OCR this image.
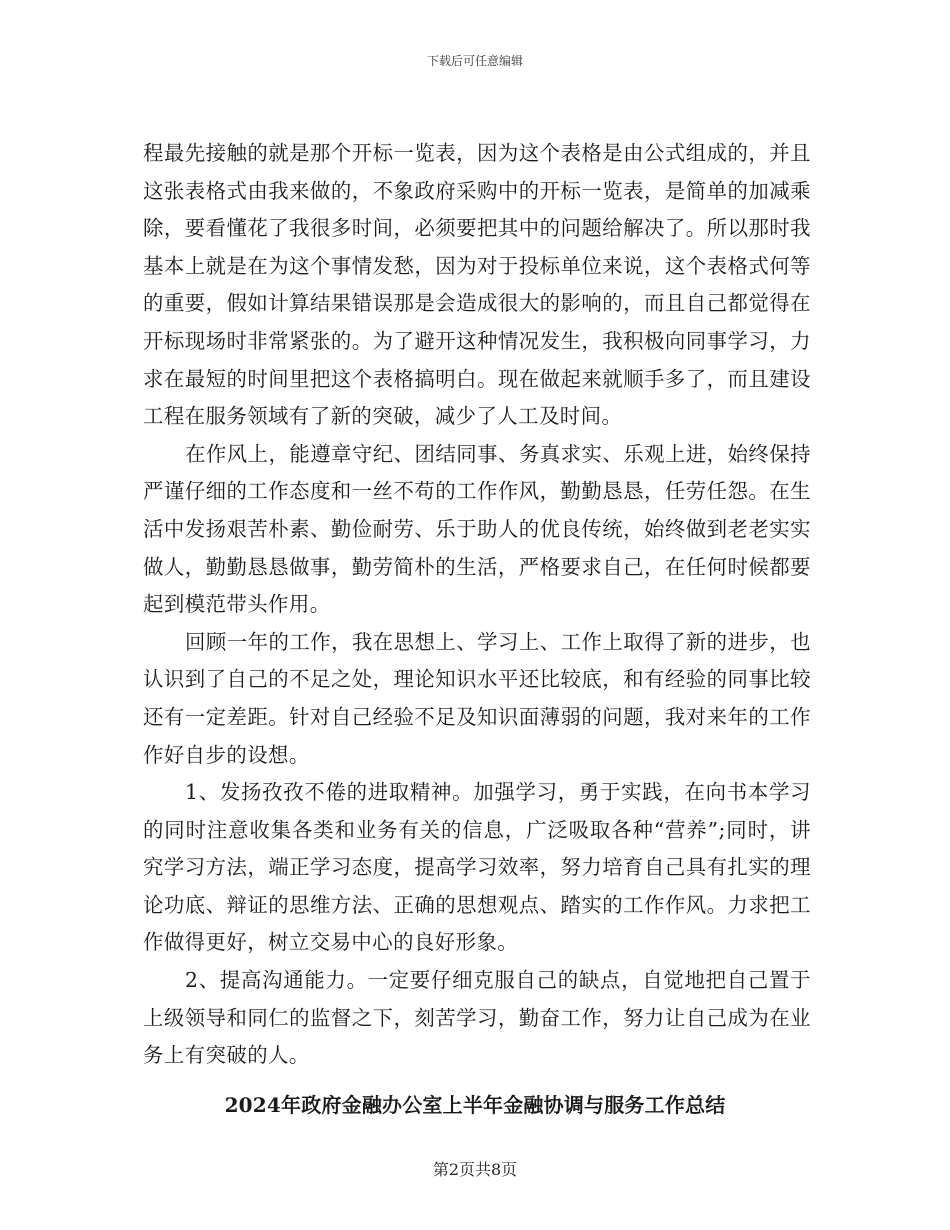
下载后可任意编辑

程最先接触的就是那个开标一览表，因为这个表格是由公式组成的，并且这张表格式由我来做的，不象政府采购中的开标一览表，是简单的加减乘除，要看懂花了我很多时间，必须要把其中的问题给解决了。所以那时我基本上就是在为这个事情发愁，因为对于投标单位来说，这个表格式何等的重要，假如计算结果错误那是会造成很大的影响的，而且自己都觉得在开标现场时非常紧张的。为了避开这种情况发生，我积极向同事学习，力求在最短的时间里把这个表格搞明白。现在做起来就顺手多了，而且建设工程在服务领域有了新的突破，减少了人工及时间。

在作风上，能遵章守纪、团结同事、务真求实、乐观上进，始终保持严谨仔细的工作态度和一丝不苟的工作作风，勤勤恳恳，任劳任怨。在生活中发扬艰苦朴素、勤俭耐劳、乐于助人的优良传统，始终做到老老实实做人，勤勤恳恳做事，勤劳简朴的生活，严格要求自己，在任何时候都要起到模范带头作用。

回顾一年的工作，我在思想上、学习上、工作上取得了新的进步，也认识到了自己的不足之处，理论知识水平还比较底，和有经验的同事比较还有一定差距。针对自己经验不足及知识面薄弱的问题，我对来年的工作作好自步的设想。

1、发扬孜孜不倦的进取精神。加强学习，勇于实践，在向书本学习的同时注意收集各类和业务有关的信息，广泛吸取各种“营养”;同时，讲究学习方法，端正学习态度，提高学习效率，努力培育自己具有扎实的理论功底、辩证的思维方法、正确的思想观点、踏实的工作作风。力求把工作做得更好，树立交易中心的良好形象。

2、提高沟通能力。一定要仔细克服自己的缺点，自觉地把自己置于上级领导和同仁的监督之下，刻苦学习，勤奋工作，努力让自己成为在业务上有突破的人。

2024年政府金融办公室上半年金融协调与服务工作总结
第2页共8页
